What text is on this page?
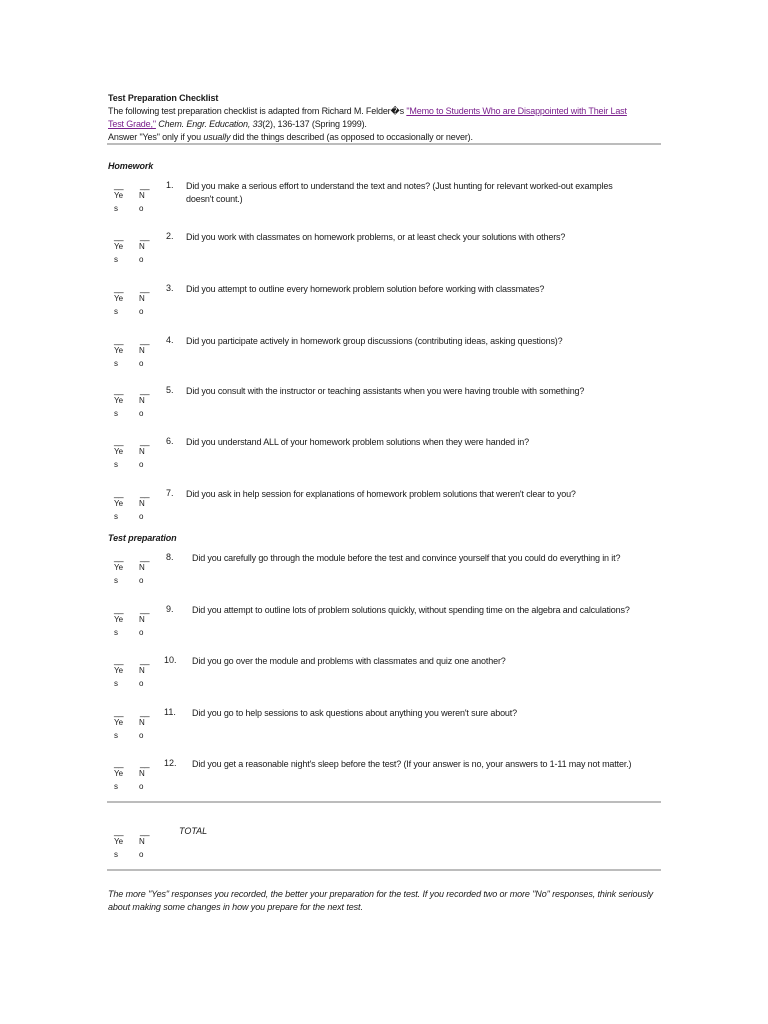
Test Preparation Checklist
The following test preparation checklist is adapted from Richard M. Felder�s "Memo to Students Who are Disappointed with Their Last
Test Grade," Chem. Engr. Education, 33(2), 136-137 (Spring 1999).
Answer "Yes" only if you usually did the things described (as opposed to occasionally or never).
Homework
__ __
Ye
s
N
o
1. Did you make a serious effort to understand the text and notes? (Just hunting for relevant worked-out examples
doesn't count.)
__ __
Ye
s
N
o
2. Did you work with classmates on homework problems, or at least check your solutions with others?
__ __
Ye
s
N
o
3. Did you attempt to outline every homework problem solution before working with classmates?
__ __
Ye
s
N
o
4. Did you participate actively in homework group discussions (contributing ideas, asking questions)?
__ __
Ye
s
N
o
5. Did you consult with the instructor or teaching assistants when you were having trouble with something?
__ __
Ye
s
N
o
6. Did you understand ALL of your homework problem solutions when they were handed in?
__ __
Ye
s
N
o
7. Did you ask in help session for explanations of homework problem solutions that weren't clear to you?
__ __
Ye
s
N
o
8. Did you carefully go through the module before the test and convince yourself that you could do everything in it?
__ __
Ye
s
N
o
9. Did you attempt to outline lots of problem solutions quickly, without spending time on the algebra and calculations?
__ __
Ye
s
N
o
10. Did you go over the module and problems with classmates and quiz one another?
__ __
Ye
s
N
o
11. Did you go to help sessions to ask questions about anything you weren't sure about?
__ __
Ye
s
N
o
12. Did you get a reasonable night's sleep before the test? (If your answer is no, your answers to 1-11 may not matter.)
Test preparation
__ __
Ye
s
N
o
TOTAL
The more "Yes" responses you recorded, the better your preparation for the test. If you recorded two or more "No" responses, think seriously about making some changes in how you prepare for the next test.
